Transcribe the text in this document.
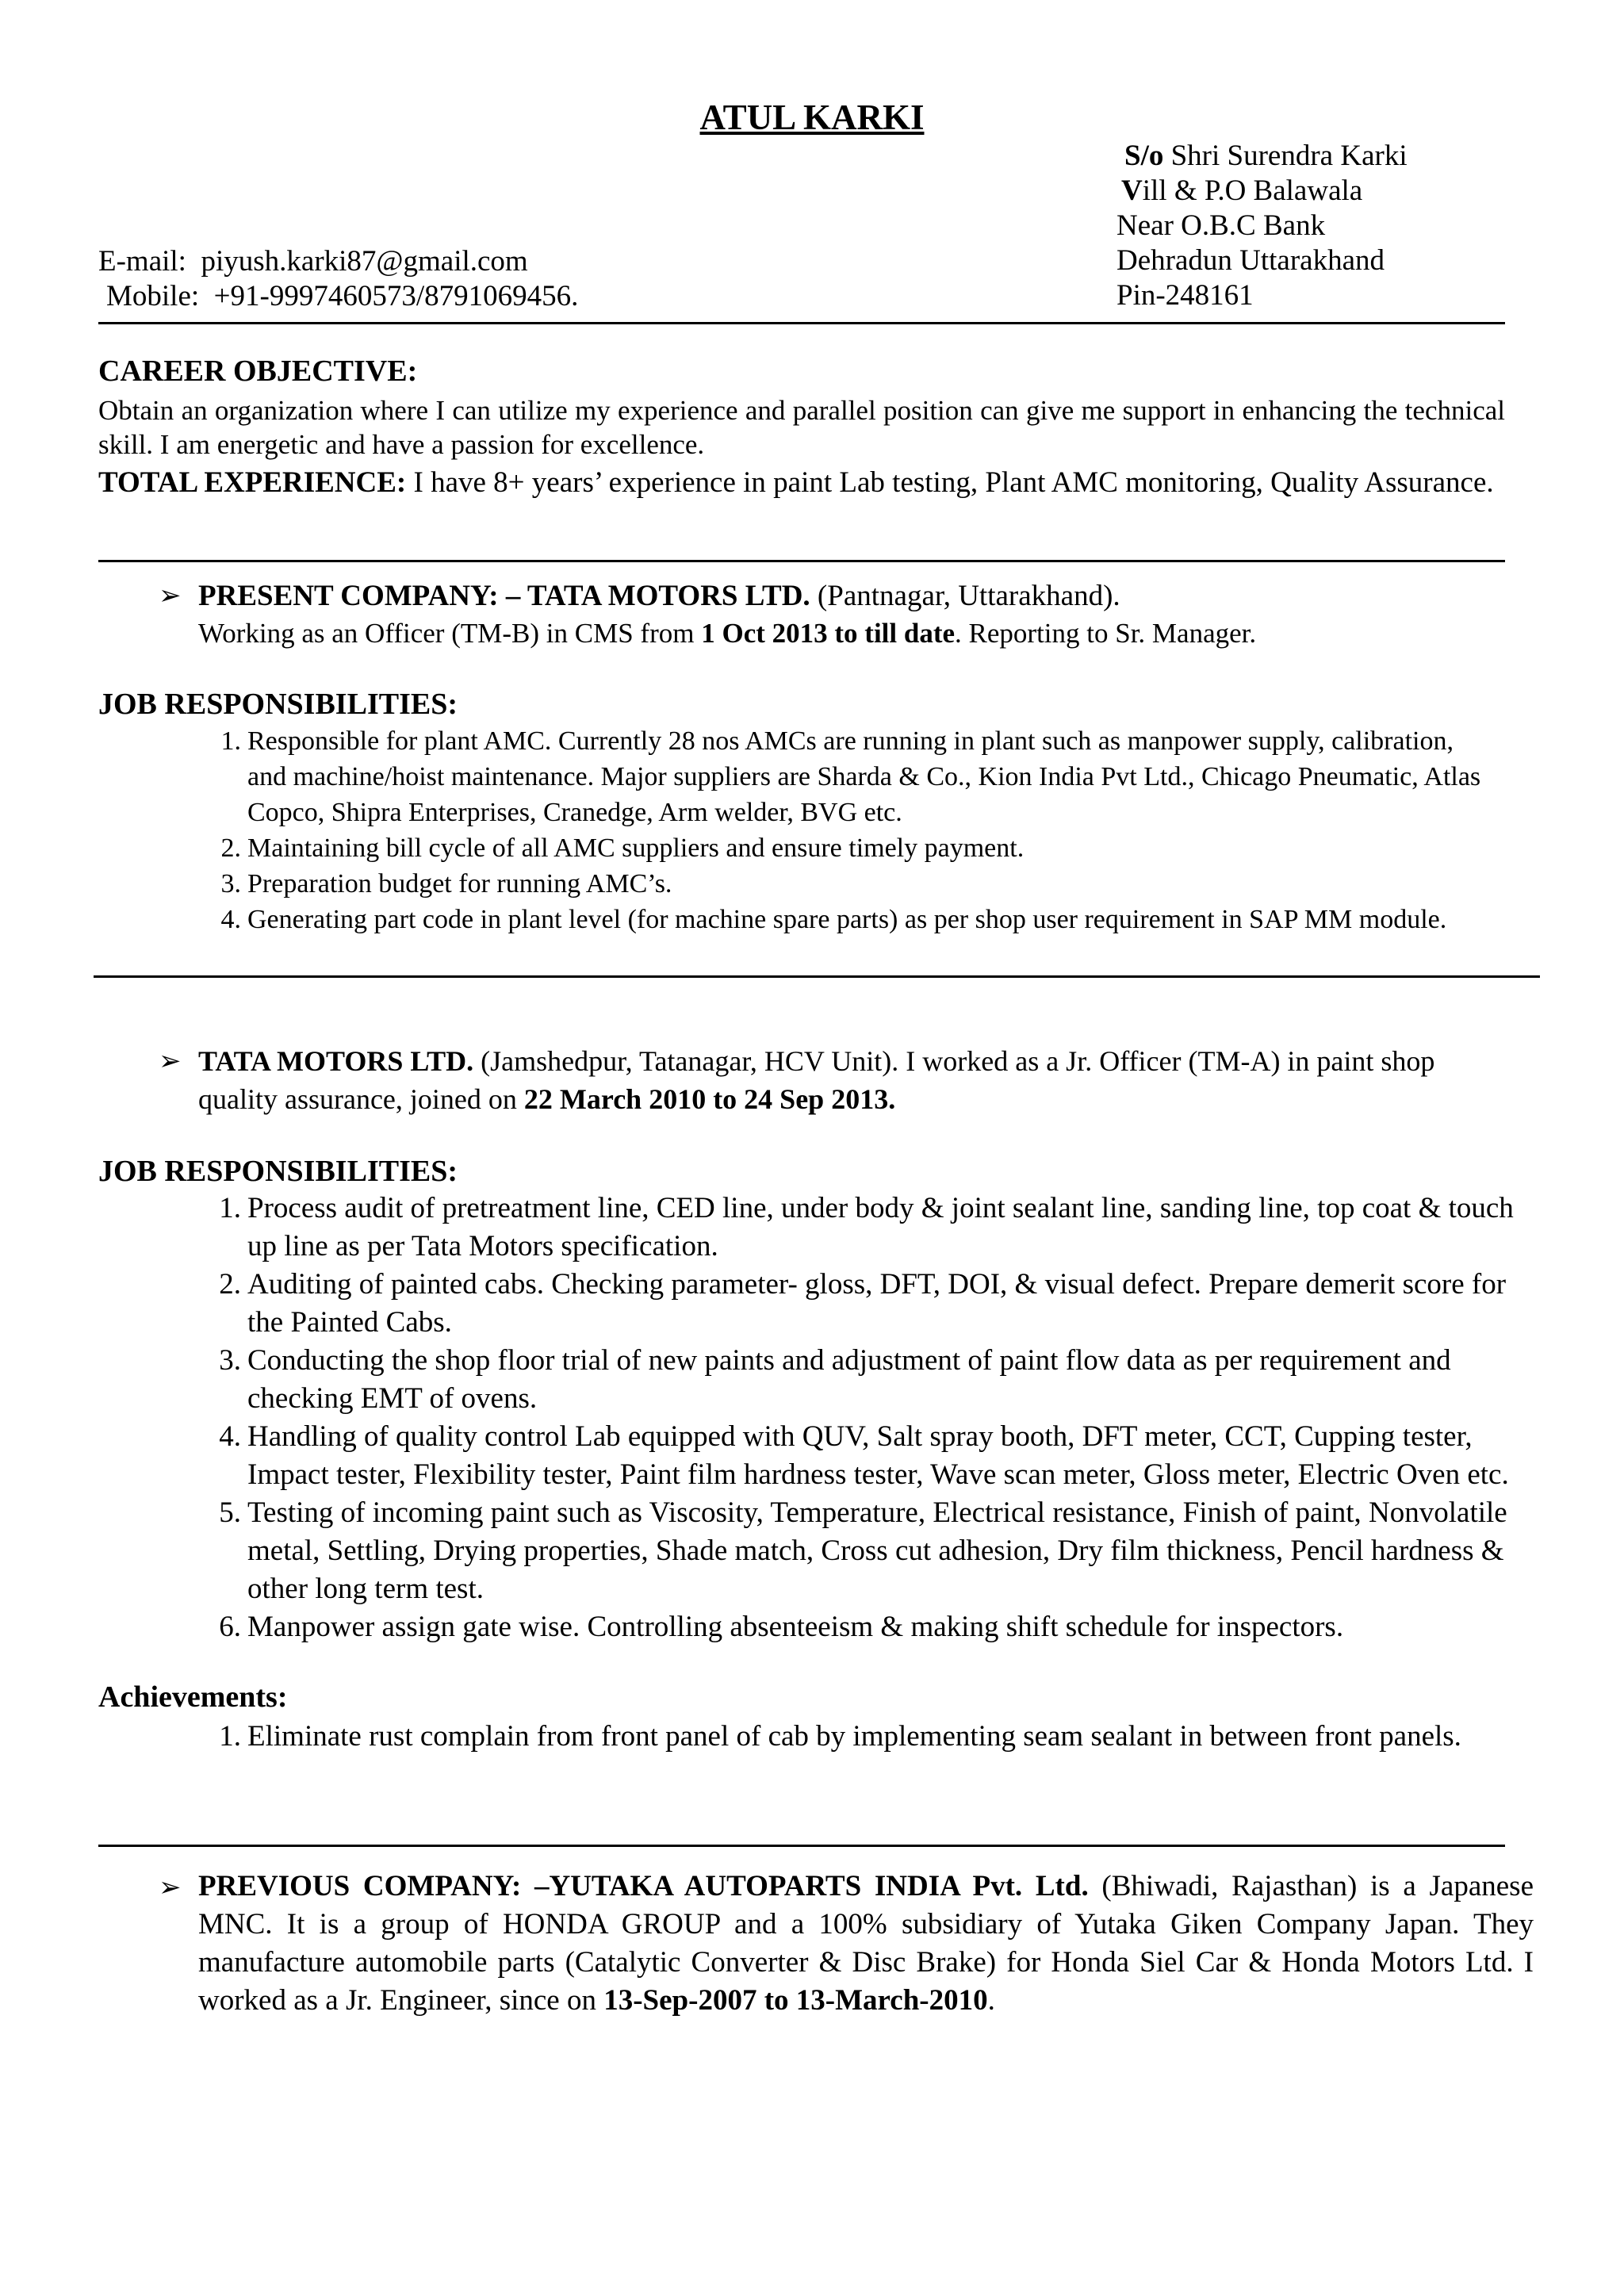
ATUL KARKI
S/o Shri Surendra Karki
Vill & P.O Balawala
Near O.B.C Bank
Dehradun Uttarakhand
Pin-248161
E-mail: piyush.karki87@gmail.com
Mobile: +91-9997460573/8791069456.
CAREER OBJECTIVE:
Obtain an organization where I can utilize my experience and parallel position can give me support in enhancing the technical skill. I am energetic and have a passion for excellence.
TOTAL EXPERIENCE: I have 8+ years’ experience in paint Lab testing, Plant AMC monitoring, Quality Assurance.
➢ PRESENT COMPANY: – TATA MOTORS LTD. (Pantnagar, Uttarakhand).
Working as an Officer (TM-B) in CMS from 1 Oct 2013 to till date. Reporting to Sr. Manager.
JOB RESPONSIBILITIES:
1. Responsible for plant AMC. Currently 28 nos AMCs are running in plant such as manpower supply, calibration, and machine/hoist maintenance. Major suppliers are Sharda & Co., Kion India Pvt Ltd., Chicago Pneumatic, Atlas Copco, Shipra Enterprises, Cranedge, Arm welder, BVG etc.
2. Maintaining bill cycle of all AMC suppliers and ensure timely payment.
3. Preparation budget for running AMC’s.
4. Generating part code in plant level (for machine spare parts) as per shop user requirement in SAP MM module.
➢ TATA MOTORS LTD. (Jamshedpur, Tatanagar, HCV Unit). I worked as a Jr. Officer (TM-A) in paint shop quality assurance, joined on 22 March 2010 to 24 Sep 2013.
JOB RESPONSIBILITIES:
1. Process audit of pretreatment line, CED line, under body & joint sealant line, sanding line, top coat & touch up line as per Tata Motors specification.
2. Auditing of painted cabs. Checking parameter- gloss, DFT, DOI, & visual defect. Prepare demerit score for the Painted Cabs.
3. Conducting the shop floor trial of new paints and adjustment of paint flow data as per requirement and checking EMT of ovens.
4. Handling of quality control Lab equipped with QUV, Salt spray booth, DFT meter, CCT, Cupping tester, Impact tester, Flexibility tester, Paint film hardness tester, Wave scan meter, Gloss meter, Electric Oven etc.
5. Testing of incoming paint such as Viscosity, Temperature, Electrical resistance, Finish of paint, Nonvolatile metal, Settling, Drying properties, Shade match, Cross cut adhesion, Dry film thickness, Pencil hardness & other long term test.
6. Manpower assign gate wise. Controlling absenteeism & making shift schedule for inspectors.
Achievements:
1. Eliminate rust complain from front panel of cab by implementing seam sealant in between front panels.
➢ PREVIOUS COMPANY: –YUTAKA AUTOPARTS INDIA Pvt. Ltd. (Bhiwadi, Rajasthan) is a Japanese MNC. It is a group of HONDA GROUP and a 100% subsidiary of Yutaka Giken Company Japan. They manufacture automobile parts (Catalytic Converter & Disc Brake) for Honda Siel Car & Honda Motors Ltd. I worked as a Jr. Engineer, since on 13-Sep-2007 to 13-March-2010.
